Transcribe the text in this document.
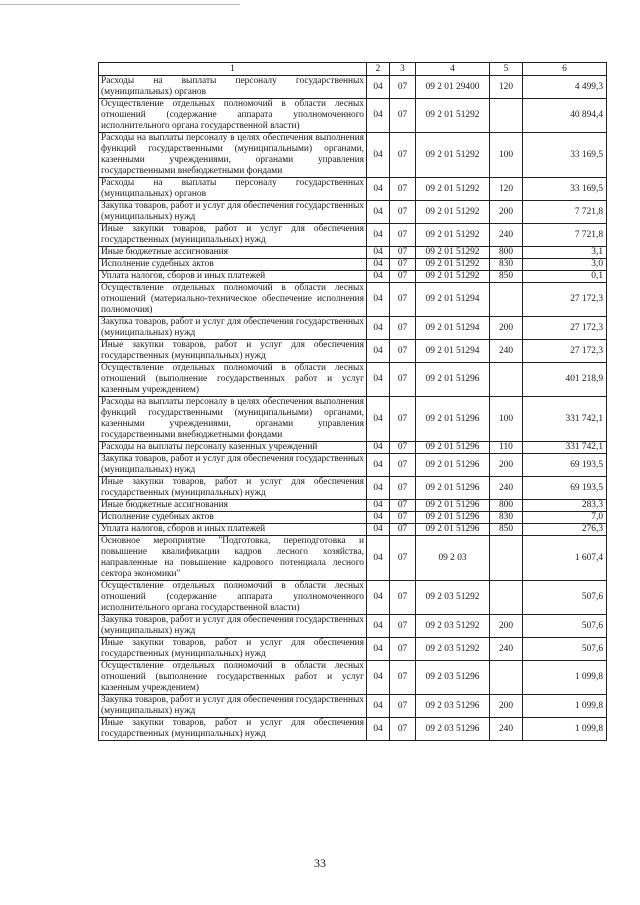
1	2	3	4	5	6
Расходы на выплаты персоналу государственных (муниципальных) органов	04	07	09 2 01 29400	120	4 499,3
Осуществление отдельных полномочий в области лесных отношений (содержание аппарата уполномоченного исполнительного органа государственной власти)	04	07	09 2 01 51292		40 894,4
Расходы на выплаты персоналу в целях обеспечения выполнения функций государственными (муниципальными) органами, казенными учреждениями, органами управления государственными внебюджетными фондами	04	07	09 2 01 51292	100	33 169,5
Расходы на выплаты персоналу государственных (муниципальных) органов	04	07	09 2 01 51292	120	33 169,5
Закупка товаров, работ и услуг для обеспечения государственных (муниципальных) нужд	04	07	09 2 01 51292	200	7 721,8
Иные закупки товаров, работ и услуг для обеспечения государственных (муниципальных) нужд	04	07	09 2 01 51292	240	7 721,8
Иные бюджетные ассигнования	04	07	09 2 01 51292	800	3,1
Исполнение судебных актов	04	07	09 2 01 51292	830	3,0
Уплата налогов, сборов и иных платежей	04	07	09 2 01 51292	850	0,1
Осуществление отдельных полномочий в области лесных отношений (материально-техническое обеспечение исполнения полномочия)	04	07	09 2 01 51294		27 172,3
Закупка товаров, работ и услуг для обеспечения государственных (муниципальных) нужд	04	07	09 2 01 51294	200	27 172,3
Иные закупки товаров, работ и услуг для обеспечения государственных (муниципальных) нужд	04	07	09 2 01 51294	240	27 172,3
Осуществление отдельных полномочий в области лесных отношений (выполнение государственных работ и услуг казенным учреждением)	04	07	09 2 01 51296		401 218,9
Расходы на выплаты персоналу в целях обеспечения выполнения функций государственными (муниципальными) органами, казенными учреждениями, органами управления государственными внебюджетными фондами	04	07	09 2 01 51296	100	331 742,1
Расходы на выплаты персоналу казенных учреждений	04	07	09 2 01 51296	110	331 742,1
Закупка товаров, работ и услуг для обеспечения государственных (муниципальных) нужд	04	07	09 2 01 51296	200	69 193,5
Иные закупки товаров, работ и услуг для обеспечения государственных (муниципальных) нужд	04	07	09 2 01 51296	240	69 193,5
Иные бюджетные ассигнования	04	07	09 2 01 51296	800	283,3
Исполнение судебных актов	04	07	09 2 01 51296	830	7,0
Уплата налогов, сборов и иных платежей	04	07	09 2 01 51296	850	276,3
Основное мероприятие "Подготовка, переподготовка и повышение квалификации кадров лесного хозяйства, направленные на повышение кадрового потенциала лесного сектора экономики"	04	07	09 2 03		1 607,4
Осуществление отдельных полномочий в области лесных отношений (содержание аппарата уполномоченного исполнительного органа государственной власти)	04	07	09 2 03 51292		507,6
Закупка товаров, работ и услуг для обеспечения государственных (муниципальных) нужд	04	07	09 2 03 51292	200	507,6
Иные закупки товаров, работ и услуг для обеспечения государственных (муниципальных) нужд	04	07	09 2 03 51292	240	507,6
Осуществление отдельных полномочий в области лесных отношений (выполнение государственных работ и услуг казенным учреждением)	04	07	09 2 03 51296		1 099,8
Закупка товаров, работ и услуг для обеспечения государственных (муниципальных) нужд	04	07	09 2 03 51296	200	1 099,8
Иные закупки товаров, работ и услуг для обеспечения государственных (муниципальных) нужд	04	07	09 2 03 51296	240	1 099,8
33
